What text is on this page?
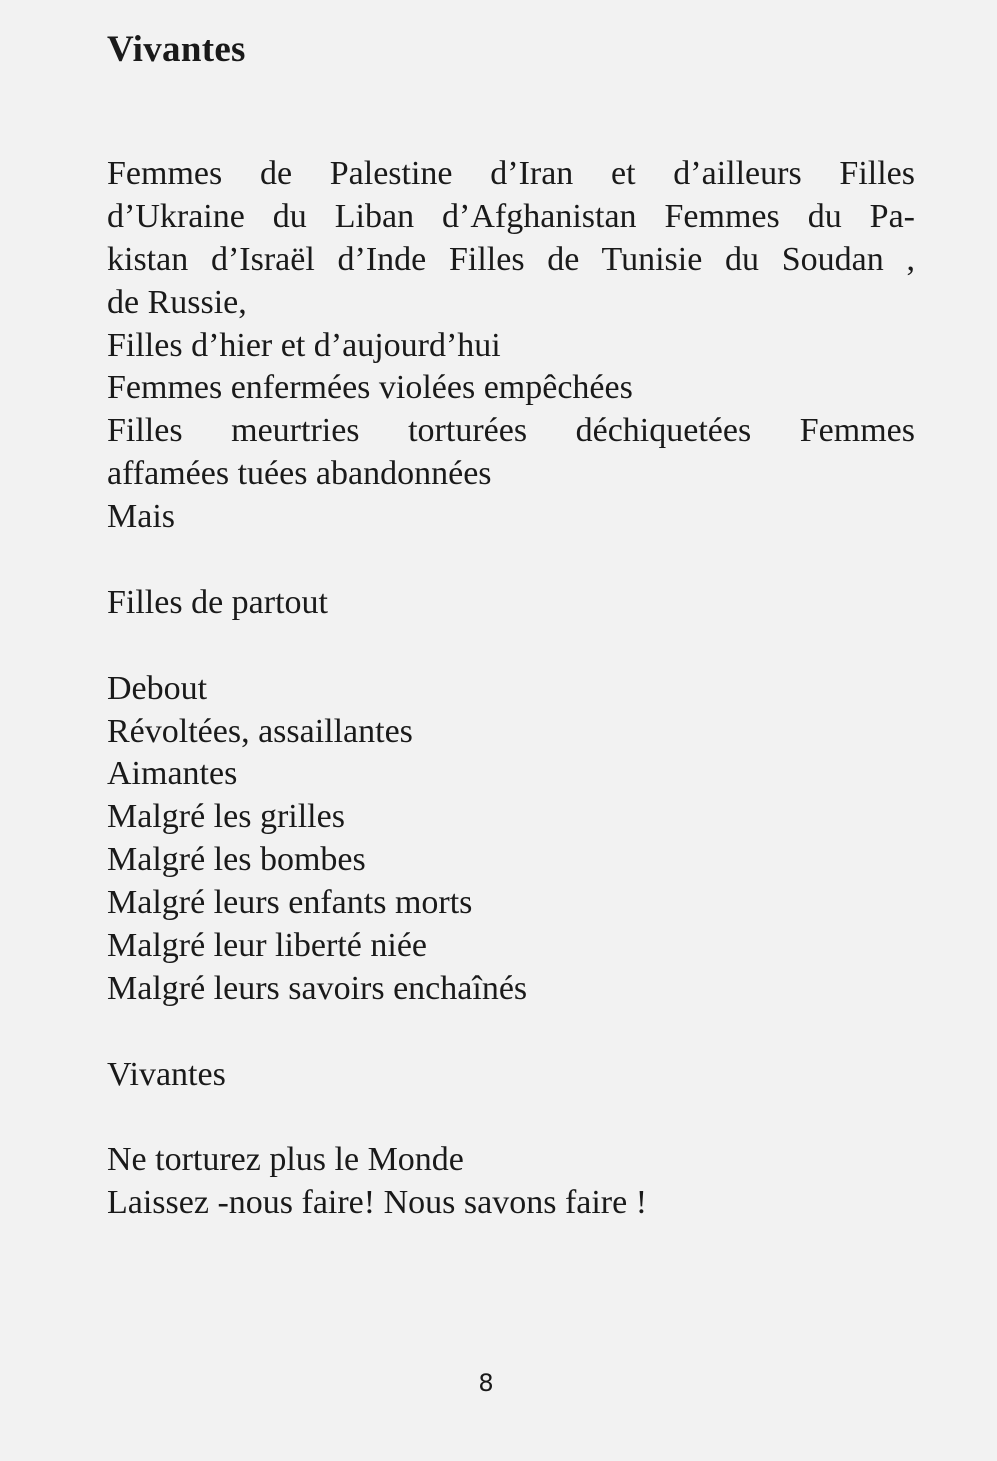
Vivantes
Femmes de Palestine d’Iran et d’ailleurs Filles
d’Ukraine du Liban d’Afghanistan Femmes du Pa-
kistan d’Israël d’Inde Filles de Tunisie du Soudan ,
de Russie,
Filles d’hier et d’aujourd’hui
Femmes enfermées violées empêchées
Filles meurtries torturées déchiquetées Femmes
affamées tuées abandonnées
Mais
Filles de partout
Debout
Révoltées, assaillantes
Aimantes
Malgré les grilles
Malgré les bombes
Malgré leurs enfants morts
Malgré leur liberté niée
Malgré leurs savoirs enchaînés
Vivantes
Ne torturez plus le Monde
Laissez -nous faire! Nous savons faire !
8
